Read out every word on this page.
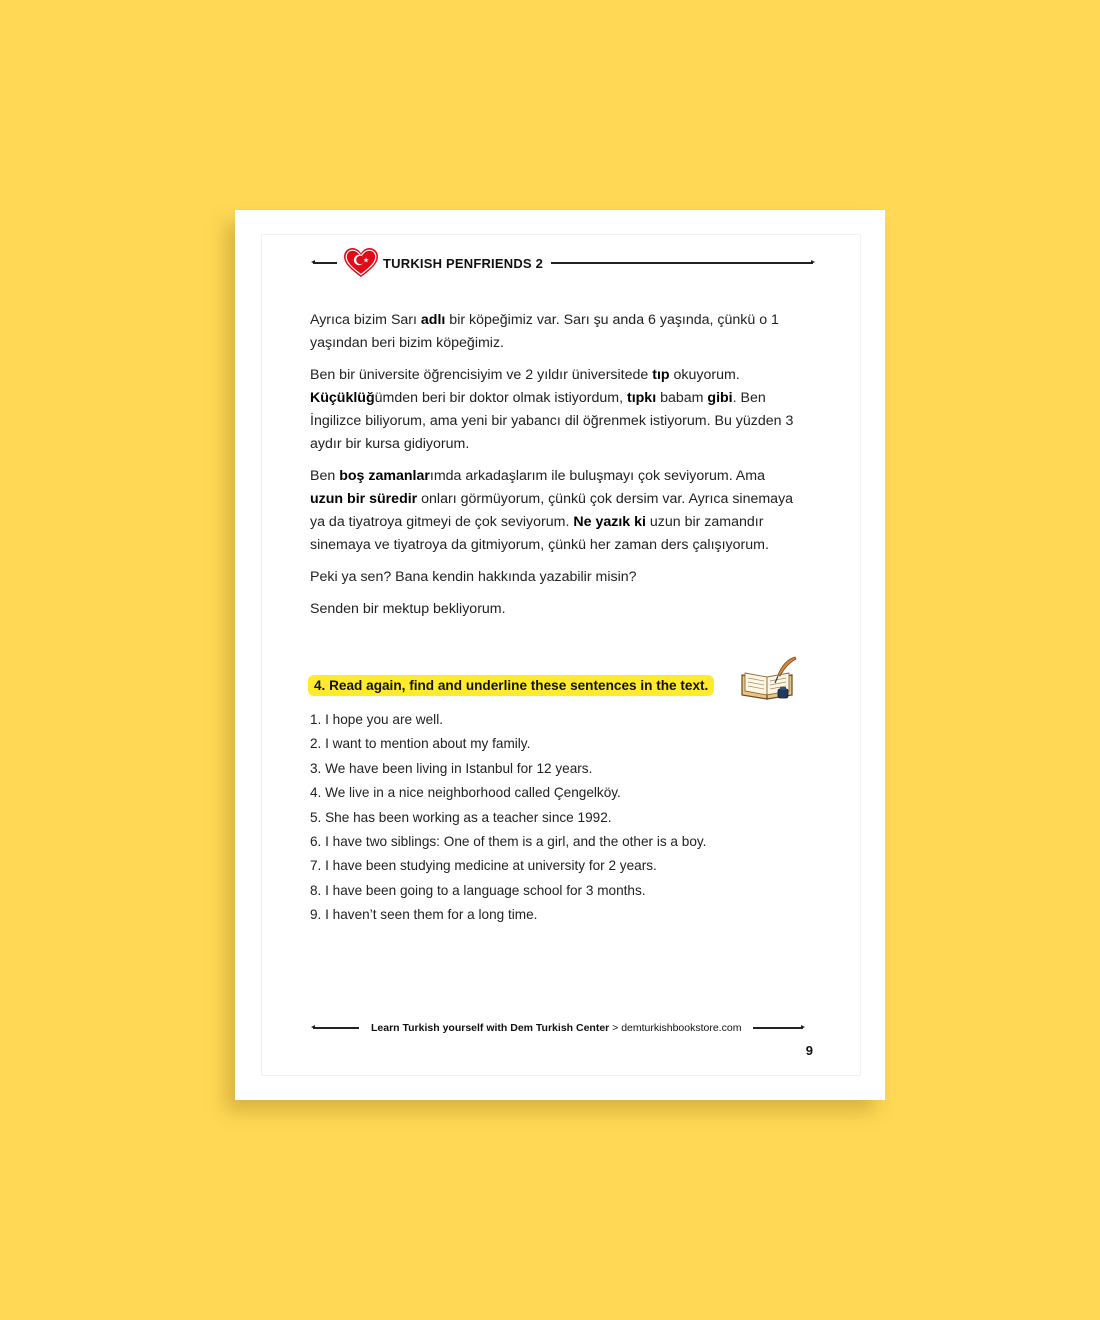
TURKISH PENFRIENDS 2

Ayrıca bizim Sarı adlı bir köpeğimiz var. Sarı şu anda 6 yaşında, çünkü o 1 yaşından beri bizim köpeğimiz.

Ben bir üniversite öğrencisiyim ve 2 yıldır üniversitede tıp okuyorum. Küçüklüğümden beri bir doktor olmak istiyordum, tıpkı babam gibi. Ben İngilizce biliyorum, ama yeni bir yabancı dil öğrenmek istiyorum. Bu yüzden 3 aydır bir kursa gidiyorum.

Ben boş zamanlarımda arkadaşlarım ile buluşmayı çok seviyorum. Ama uzun bir süredir onları görmüyorum, çünkü çok dersim var. Ayrıca sinemaya ya da tiyatroya gitmeyi de çok seviyorum. Ne yazık ki uzun bir zamandır sinemaya ve tiyatroya da gitmiyorum, çünkü her zaman ders çalışıyorum.

Peki ya sen? Bana kendin hakkında yazabilir misin?

Senden bir mektup bekliyorum.

4. Read again, find and underline these sentences in the text.
1. I hope you are well.
2. I want to mention about my family.
3. We have been living in Istanbul for 12 years.
4. We live in a nice neighborhood called Çengelköy.
5. She has been working as a teacher since 1992.
6. I have two siblings: One of them is a girl, and the other is a boy.
7. I have been studying medicine at university for 2 years.
8. I have been going to a language school for 3 months.
9. I haven’t seen them for a long time.
Learn Turkish yourself with Dem Turkish Center > demturkishbookstore.com
9
